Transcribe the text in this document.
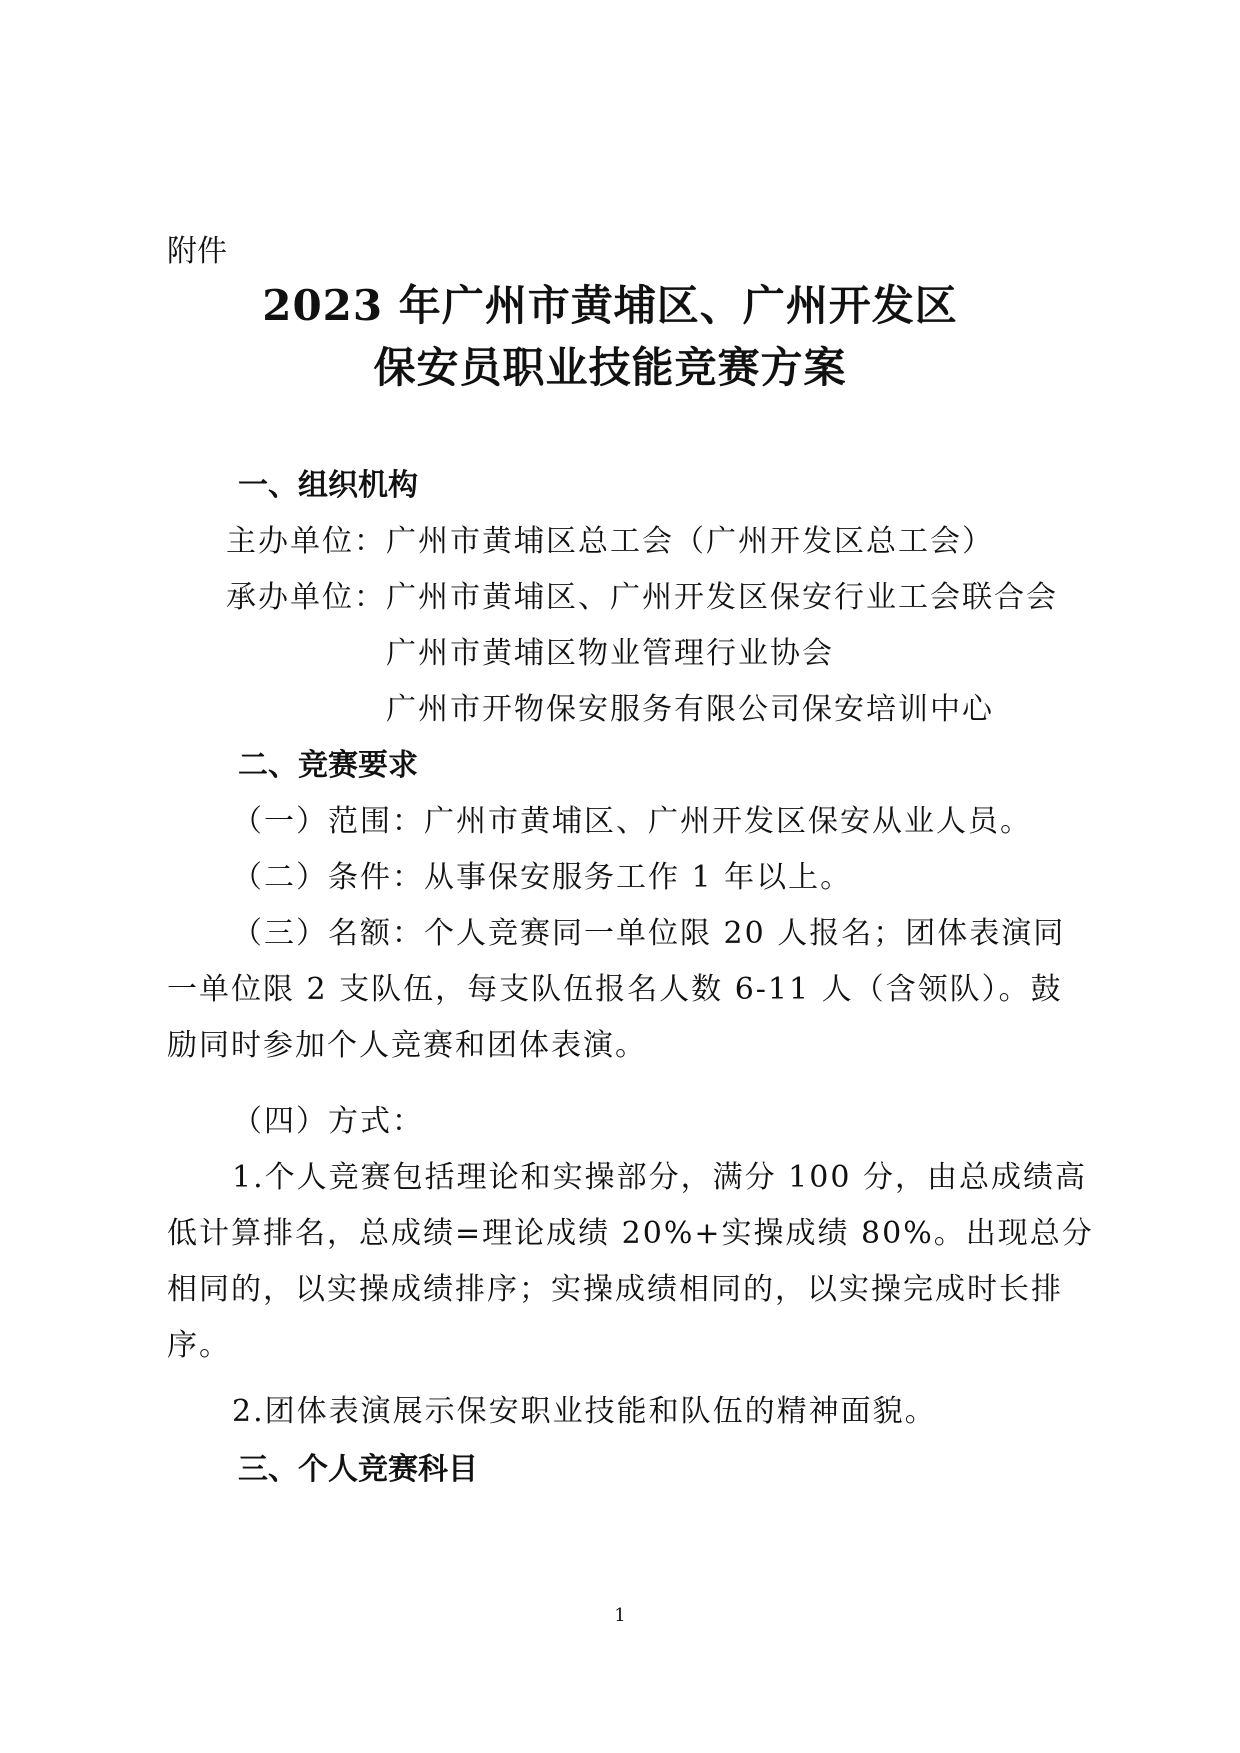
附件
2023 年广州市黄埔区、广州开发区
保安员职业技能竞赛方案
一、组织机构
主办单位：广州市黄埔区总工会（广州开发区总工会）
承办单位：广州市黄埔区、广州开发区保安行业工会联合会
广州市黄埔区物业管理行业协会
广州市开物保安服务有限公司保安培训中心
二、竞赛要求
（一）范围：广州市黄埔区、广州开发区保安从业人员。
（二）条件：从事保安服务工作 1 年以上。
（三）名额：个人竞赛同一单位限 20 人报名；团体表演同
一单位限 2 支队伍，每支队伍报名人数 6-11 人（含领队）。鼓
励同时参加个人竞赛和团体表演。
（四）方式：
1.个人竞赛包括理论和实操部分，满分 100 分，由总成绩高
低计算排名，总成绩=理论成绩 20%+实操成绩 80%。出现总分
相同的，以实操成绩排序；实操成绩相同的，以实操完成时长排
序。
2.团体表演展示保安职业技能和队伍的精神面貌。
三、个人竞赛科目
1
